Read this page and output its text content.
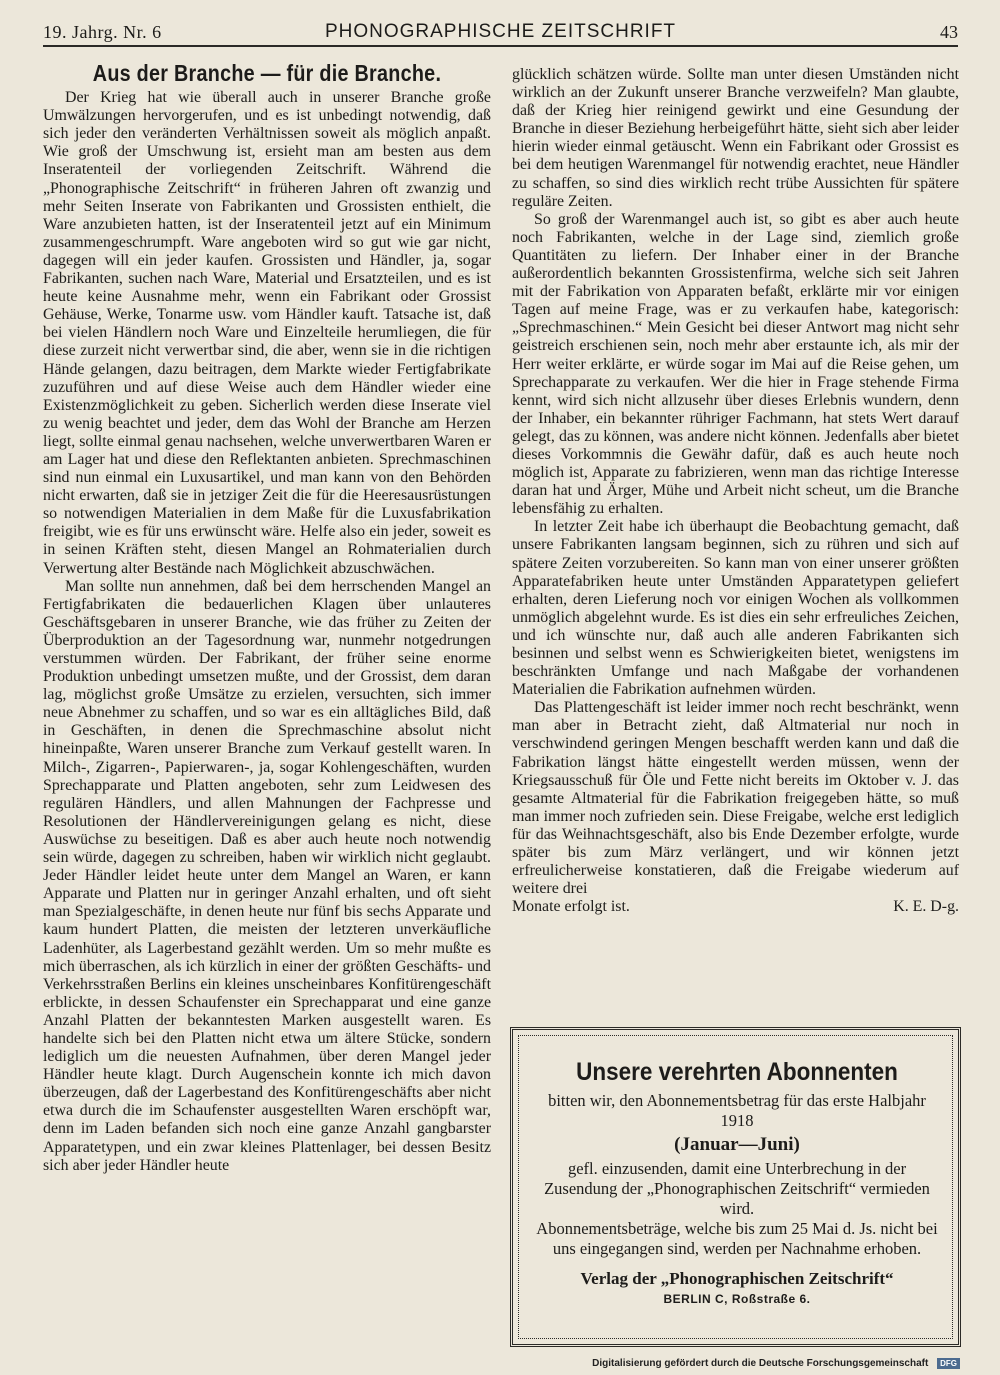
19. Jahrg. Nr. 6	PHONOGRAPHISCHE ZEITSCHRIFT	43
Aus der Branche — für die Branche.

Der Krieg hat wie überall auch in unserer Branche große Umwälzungen hervorgerufen, und es ist unbedingt notwendig, daß sich jeder den veränderten Verhältnissen soweit als möglich anpaßt. Wie groß der Umschwung ist, ersieht man am besten aus dem Inseratenteil der vorliegenden Zeitschrift. Während die „Phonographische Zeitschrift“ in früheren Jahren oft zwanzig und mehr Seiten Inserate von Fabrikanten und Grossisten enthielt, die Ware anzubieten hatten, ist der Inseratenteil jetzt auf ein Minimum zusammengeschrumpft. Ware angeboten wird so gut wie gar nicht, dagegen will ein jeder kaufen. Grossisten und Händler, ja, sogar Fabrikanten, suchen nach Ware, Material und Ersatzteilen, und es ist heute keine Ausnahme mehr, wenn ein Fabrikant oder Grossist Gehäuse, Werke, Tonarme usw. vom Händler kauft. Tatsache ist, daß bei vielen Händlern noch Ware und Einzelteile herumliegen, die für diese zurzeit nicht verwertbar sind, die aber, wenn sie in die richtigen Hände gelangen, dazu beitragen, dem Markte wieder Fertigfabrikate zuzuführen und auf diese Weise auch dem Händler wieder eine Existenzmöglichkeit zu geben. Sicherlich werden diese Inserate viel zu wenig beachtet und jeder, dem das Wohl der Branche am Herzen liegt, sollte einmal genau nachsehen, welche unverwertbaren Waren er am Lager hat und diese den Reflektanten anbieten. Sprechmaschinen sind nun einmal ein Luxusartikel, und man kann von den Behörden nicht erwarten, daß sie in jetziger Zeit die für die Heeresausrüstungen so notwendigen Materialien in dem Maße für die Luxusfabrikation freigibt, wie es für uns erwünscht wäre. Helfe also ein jeder, soweit es in seinen Kräften steht, diesen Mangel an Rohmaterialien durch Verwertung alter Bestände nach Möglichkeit abzuschwächen.

Man sollte nun annehmen, daß bei dem herrschenden Mangel an Fertigfabrikaten die bedauerlichen Klagen über unlauteres Geschäftsgebaren in unserer Branche, wie das früher zu Zeiten der Überproduktion an der Tagesordnung war, nunmehr notgedrungen verstummen würden. Der Fabrikant, der früher seine enorme Produktion unbedingt umsetzen mußte, und der Grossist, dem daran lag, möglichst große Umsätze zu erzielen, versuchten, sich immer neue Abnehmer zu schaffen, und so war es ein alltägliches Bild, daß in Geschäften, in denen die Sprechmaschine absolut nicht hineinpaßte, Waren unserer Branche zum Verkauf gestellt waren. In Milch-, Zigarren-, Papierwaren-, ja, sogar Kohlengeschäften, wurden Sprechapparate und Platten angeboten, sehr zum Leidwesen des regulären Händlers, und allen Mahnungen der Fachpresse und Resolutionen der Händlervereinigungen gelang es nicht, diese Auswüchse zu beseitigen. Daß es aber auch heute noch notwendig sein würde, dagegen zu schreiben, haben wir wirklich nicht geglaubt. Jeder Händler leidet heute unter dem Mangel an Waren, er kann Apparate und Platten nur in geringer Anzahl erhalten, und oft sieht man Spezialgeschäfte, in denen heute nur fünf bis sechs Apparate und kaum hundert Platten, die meisten der letzteren unverkäufliche Ladenhüter, als Lagerbestand gezählt werden. Um so mehr mußte es mich überraschen, als ich kürzlich in einer der größten Geschäfts- und Verkehrsstraßen Berlins ein kleines unscheinbares Konfitürengeschäft erblickte, in dessen Schaufenster ein Sprechapparat und eine ganze Anzahl Platten der bekanntesten Marken ausgestellt waren. Es handelte sich bei den Platten nicht etwa um ältere Stücke, sondern lediglich um die neuesten Aufnahmen, über deren Mangel jeder Händler heute klagt. Durch Augenschein konnte ich mich davon überzeugen, daß der Lagerbestand des Konfitürengeschäfts aber nicht etwa durch die im Schaufenster ausgestellten Waren erschöpft war, denn im Laden befanden sich noch eine ganze Anzahl gangbarster Apparatetypen, und ein zwar kleines Plattenlager, bei dessen Besitz sich aber jeder Händler heute

glücklich schätzen würde. Sollte man unter diesen Umständen nicht wirklich an der Zukunft unserer Branche verzweifeln? Man glaubte, daß der Krieg hier reinigend gewirkt und eine Gesundung der Branche in dieser Beziehung herbeigeführt hätte, sieht sich aber leider hierin wieder einmal getäuscht. Wenn ein Fabrikant oder Grossist es bei dem heutigen Warenmangel für notwendig erachtet, neue Händler zu schaffen, so sind dies wirklich recht trübe Aussichten für spätere reguläre Zeiten.

So groß der Warenmangel auch ist, so gibt es aber auch heute noch Fabrikanten, welche in der Lage sind, ziemlich große Quantitäten zu liefern. Der Inhaber einer in der Branche außerordentlich bekannten Grossistenfirma, welche sich seit Jahren mit der Fabrikation von Apparaten befaßt, erklärte mir vor einigen Tagen auf meine Frage, was er zu verkaufen habe, kategorisch: „Sprechmaschinen.“ Mein Gesicht bei dieser Antwort mag nicht sehr geistreich erschienen sein, noch mehr aber erstaunte ich, als mir der Herr weiter erklärte, er würde sogar im Mai auf die Reise gehen, um Sprechapparate zu verkaufen. Wer die hier in Frage stehende Firma kennt, wird sich nicht allzusehr über dieses Erlebnis wundern, denn der Inhaber, ein bekannter rühriger Fachmann, hat stets Wert darauf gelegt, das zu können, was andere nicht können. Jedenfalls aber bietet dieses Vorkommnis die Gewähr dafür, daß es auch heute noch möglich ist, Apparate zu fabrizieren, wenn man das richtige Interesse daran hat und Ärger, Mühe und Arbeit nicht scheut, um die Branche lebensfähig zu erhalten.

In letzter Zeit habe ich überhaupt die Beobachtung gemacht, daß unsere Fabrikanten langsam beginnen, sich zu rühren und sich auf spätere Zeiten vorzubereiten. So kann man von einer unserer größten Apparatefabriken heute unter Umständen Apparatetypen geliefert erhalten, deren Lieferung noch vor einigen Wochen als vollkommen unmöglich abgelehnt wurde. Es ist dies ein sehr erfreuliches Zeichen, und ich wünschte nur, daß auch alle anderen Fabrikanten sich besinnen und selbst wenn es Schwierigkeiten bietet, wenigstens im beschränkten Umfange und nach Maßgabe der vorhandenen Materialien die Fabrikation aufnehmen würden.

Das Plattengeschäft ist leider immer noch recht beschränkt, wenn man aber in Betracht zieht, daß Altmaterial nur noch in verschwindend geringen Mengen beschafft werden kann und daß die Fabrikation längst hätte eingestellt werden müssen, wenn der Kriegsausschuß für Öle und Fette nicht bereits im Oktober v. J. das gesamte Altmaterial für die Fabrikation freigegeben hätte, so muß man immer noch zufrieden sein. Diese Freigabe, welche erst lediglich für das Weihnachtsgeschäft, also bis Ende Dezember erfolgte, wurde später bis zum März verlängert, und wir können jetzt erfreulicherweise konstatieren, daß die Freigabe wiederum auf weitere drei

Monate erfolgt ist.	K. E. D-g.

Unsere verehrten Abonnenten

bitten wir, den Abonnementsbetrag für das erste Halbjahr 1918

(Januar—Juni)

gefl. einzusenden, damit eine Unterbrechung in der Zusendung der „Phonographischen Zeitschrift“ vermieden wird.

Abonnementsbeträge, welche bis zum 25 Mai d. Js. nicht bei uns eingegangen sind, werden per Nachnahme erhoben.

Verlag der „Phonographischen Zeitschrift“
BERLIN C, Roßstraße 6.
Digitalisierung gefördert durch die Deutsche Forschungsgemeinschaft DFG
